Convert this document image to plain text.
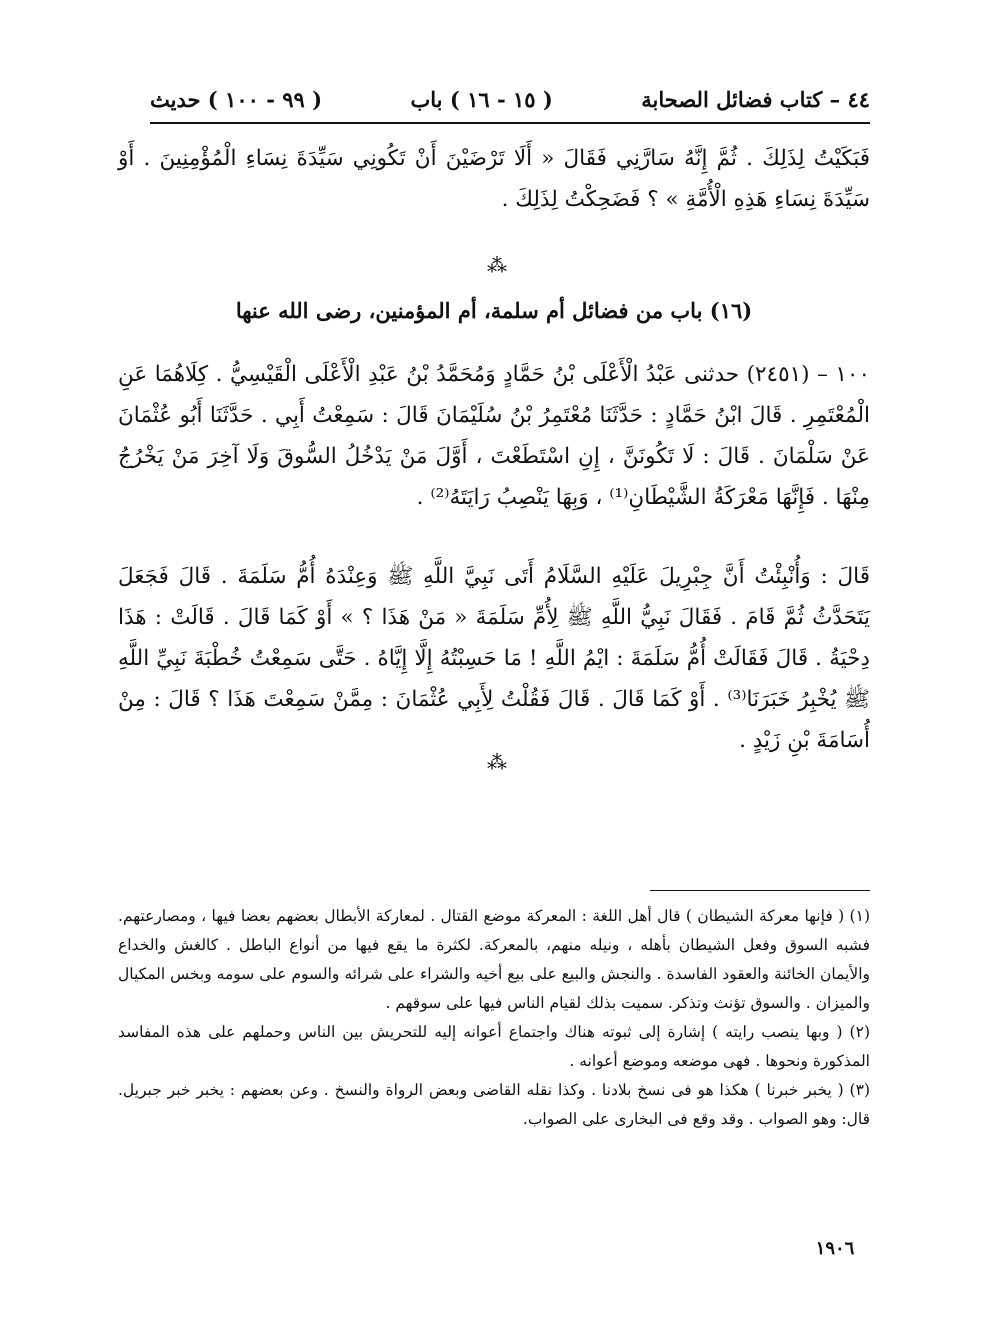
٤٤ – كتاب فضائل الصحابة
( ١٥ - ١٦ ) باب
( ٩٩ - ١٠٠ ) حديث

فَبَكَيْتُ لِذَلِكَ . ثُمَّ إِنَّهُ سَارَّنِي فَقَالَ « أَلَا تَرْضَيْنَ أَنْ تَكُونِي سَيِّدَةَ نِسَاءِ الْمُؤْمِنِينَ . أَوْ سَيِّدَةَ نِسَاءِ هَذِهِ الْأُمَّةِ » ؟ فَضَحِكْتُ لِذَلِكَ .

⁂
(١٦) باب من فضائل أم سلمة، أم المؤمنين، رضى الله عنها

١٠٠ – (٢٤٥١) حدثنى عَبْدُ الْأَعْلَى بْنُ حَمَّادٍ وَمُحَمَّدُ بْنُ عَبْدِ الْأَعْلَى الْقَيْسِيُّ . كِلَاهُمَا عَنِ الْمُعْتَمِرِ . قَالَ ابْنُ حَمَّادٍ : حَدَّثَنَا مُعْتَمِرُ بْنُ سُلَيْمَانَ قَالَ : سَمِعْتُ أَبِي . حَدَّثَنَا أَبُو عُثْمَانَ عَنْ سَلْمَانَ . قَالَ : لَا تَكُونَنَّ ، إِنِ اسْتَطَعْتَ ، أَوَّلَ مَنْ يَدْخُلُ السُّوقَ وَلَا آخِرَ مَنْ يَخْرُجُ مِنْهَا . فَإِنَّهَا مَعْرَكَةُ الشَّيْطَانِ⁽¹⁾ ، وَبِهَا يَنْصِبُ رَايَتَهُ⁽²⁾ .

قَالَ : وَأُنْبِئْتُ أَنَّ جِبْرِيلَ عَلَيْهِ السَّلَامُ أَتَى نَبِيَّ اللَّهِ ﷺ وَعِنْدَهُ أُمُّ سَلَمَةَ . قَالَ فَجَعَلَ يَتَحَدَّثُ ثُمَّ قَامَ . فَقَالَ نَبِيُّ اللَّهِ ﷺ لِأُمِّ سَلَمَةَ « مَنْ هَذَا ؟ » أَوْ كَمَا قَالَ . قَالَتْ : هَذَا دِحْيَةُ . قَالَ فَقَالَتْ أُمُّ سَلَمَةَ : ايْمُ اللَّهِ ! مَا حَسِبْتُهُ إِلَّا إِيَّاهُ . حَتَّى سَمِعْتُ خُطْبَةَ نَبِيِّ اللَّهِ ﷺ يُخْبِرُ خَبَرَنَا⁽³⁾ . أَوْ كَمَا قَالَ . قَالَ فَقُلْتُ لِأَبِي عُثْمَانَ : مِمَّنْ سَمِعْتَ هَذَا ؟ قَالَ : مِنْ أُسَامَةَ بْنِ زَيْدٍ .

⁂

(١) ( فإنها معركة الشيطان ) قال أهل اللغة : المعركة موضع القتال . لمعاركة الأبطال بعضهم بعضا فيها ، ومصارعتهم. فشبه السوق وفعل الشيطان بأهله ، ونيله منهم، بالمعركة. لكثرة ما يقع فيها من أنواع الباطل . كالغش والخداع والأيمان الخائنة والعقود الفاسدة . والنجش والبيع على بيع أخيه والشراء على شرائه والسوم على سومه وبخس المكيال والميزان . والسوق تؤنث وتذكر. سميت بذلك لقيام الناس فيها على سوقهم .

(٢) ( وبها ينصب رايته ) إشارة إلى ثبوته هناك واجتماع أعوانه إليه للتحريش بين الناس وحملهم على هذه المفاسد المذكورة ونحوها . فهى موضعه وموضع أعوانه .

(٣) ( يخبر خبرنا ) هكذا هو فى نسخ بلادنا . وكذا نقله القاضى وبعض الرواة والنسخ . وعن بعضهم : يخبر خبر جبريل. قال: وهو الصواب . وقد وقع فى البخارى على الصواب.

١٩٠٦
